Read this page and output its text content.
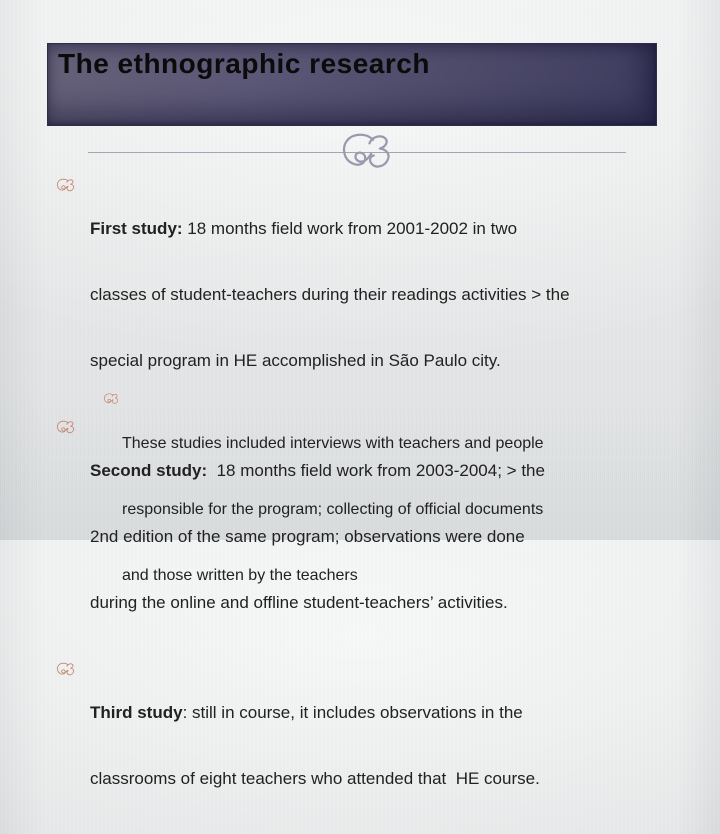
The ethnographic research

First study: 18 months field work from 2001-2002 in two

classes of student-teachers during their readings activities > the

special program in HE accomplished in São Paulo city.

Second study:  18 months field work from 2003-2004; > the

2nd edition of the same program; observations were done

during the online and offline student-teachers’ activities.

Third study: still in course, it includes observations in the

classrooms of eight teachers who attended that  HE course.

These studies included interviews with teachers and people

responsible for the program; collecting of official documents

and those written by the teachers
